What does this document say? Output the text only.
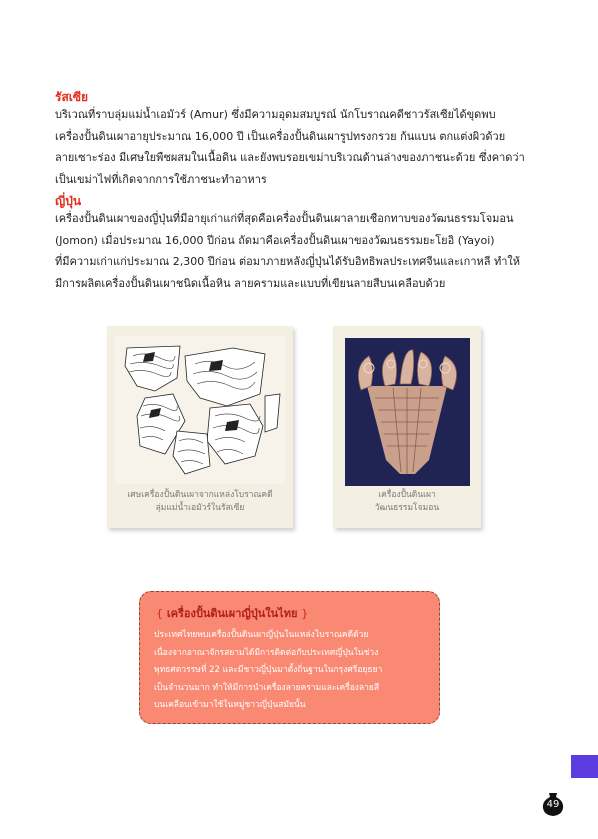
รัสเซีย
บริเวณที่ราบลุ่มแม่น้ำเอมัวร์ (Amur) ซึ่งมีความอุดมสมบูรณ์ นักโบราณคดีชาวรัสเซียได้ขุดพบ
เครื่องปั้นดินเผาอายุประมาณ 16,000 ปี เป็นเครื่องปั้นดินเผารูปทรงกรวย ก้นแบน ตกแต่งผิวด้วย
ลายเซาะร่อง มีเศษใยพืชผสมในเนื้อดิน และยังพบรอยเขม่าบริเวณด้านล่างของภาชนะด้วย ซึ่งคาดว่า
เป็นเขม่าไฟที่เกิดจากการใช้ภาชนะทำอาหาร
ญี่ปุ่น
เครื่องปั้นดินเผาของญี่ปุ่นที่มีอายุเก่าแก่ที่สุดคือเครื่องปั้นดินเผาลายเชือกทาบของวัฒนธรรมโจมอน
(Jomon) เมื่อประมาณ 16,000 ปีก่อน ถัดมาคือเครื่องปั้นดินเผาของวัฒนธรรมยะโยอิ (Yayoi)
ที่มีความเก่าแก่ประมาณ 2,300 ปีก่อน ต่อมาภายหลังญี่ปุ่นได้รับอิทธิพลประเทศจีนและเกาหลี ทำให้
มีการผลิตเครื่องปั้นดินเผาชนิดเนื้อหิน ลายครามและแบบที่เขียนลายสีบนเคลือบด้วย
เศษเครื่องปั้นดินเผาจากแหล่งโบราณคดี
ลุ่มแม่น้ำเอมัวร์ในรัสเซีย
เครื่องปั้นดินเผา
วัฒนธรรมโจมอน
{ เครื่องปั้นดินเผาญี่ปุ่นในไทย }
ประเทศไทยพบเครื่องปั้นดินเผาญี่ปุ่นในแหล่งโบราณคดีด้วย
เนื่องจากอาณาจักรสยามได้มีการติดต่อกับประเทศญี่ปุ่นในช่วง
พุทธศตวรรษที่ 22 และมีชาวญี่ปุ่นมาตั้งถิ่นฐานในกรุงศรีอยุธยา
เป็นจำนวนมาก ทำให้มีการนำเครื่องลายครามและเครื่องลายสี
บนเคลือบเข้ามาใช้ในหมู่ชาวญี่ปุ่นสมัยนั้น
49
